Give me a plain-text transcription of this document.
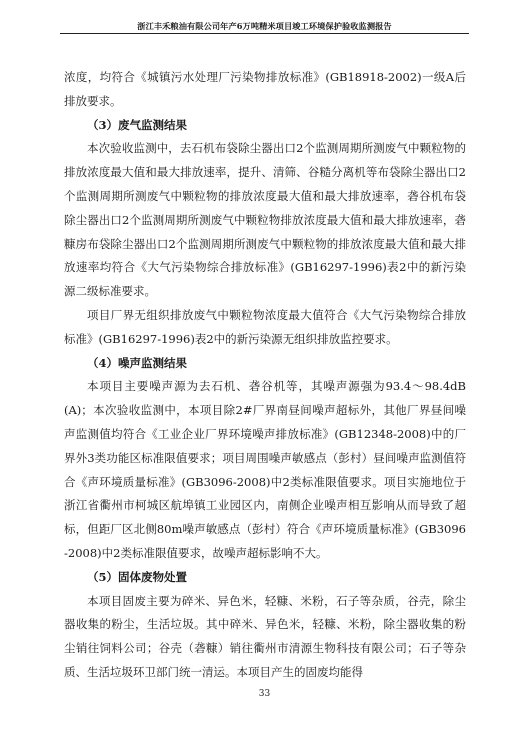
浙江丰禾粮油有限公司年产6万吨精米项目竣工环境保护验收监测报告

浓度，均符合《城镇污水处理厂污染物排放标准》(GB18918-2002)一级A后排放要求。

（3）废气监测结果

本次验收监测中，去石机布袋除尘器出口2个监测周期所测废气中颗粒物的排放浓度最大值和最大排放速率，提升、清筛、谷糙分离机等布袋除尘器出口2个监测周期所测废气中颗粒物的排放浓度最大值和最大排放速率，砻谷机布袋除尘器出口2个监测周期所测废气中颗粒物排放浓度最大值和最大排放速率，砻糠房布袋除尘器出口2个监测周期所测废气中颗粒物的排放浓度最大值和最大排放速率均符合《大气污染物综合排放标准》(GB16297-1996)表2中的新污染源二级标准要求。

项目厂界无组织排放废气中颗粒物浓度最大值符合《大气污染物综合排放标准》(GB16297-1996)表2中的新污染源无组织排放监控要求。

（4）噪声监测结果

本项目主要噪声源为去石机、砻谷机等，其噪声源强为93.4～98.4dB(A)；本次验收监测中，本项目除2#厂界南昼间噪声超标外，其他厂界昼间噪声监测值均符合《工业企业厂界环境噪声排放标准》(GB12348-2008)中的厂界外3类功能区标准限值要求；项目周围噪声敏感点（彭村）昼间噪声监测值符合《声环境质量标准》(GB3096-2008)中2类标准限值要求。项目实施地位于浙江省衢州市柯城区航埠镇工业园区内，南侧企业噪声相互影响从而导致了超标，但距厂区北侧80m噪声敏感点（彭村）符合《声环境质量标准》(GB3096-2008)中2类标准限值要求，故噪声超标影响不大。

（5）固体废物处置

本项目固废主要为碎米、异色米，轻糠、米粉，石子等杂质，谷壳，除尘器收集的粉尘，生活垃圾。其中碎米、异色米，轻糠、米粉，除尘器收集的粉尘销往饲料公司；谷壳（砻糠）销往衢州市清源生物科技有限公司；石子等杂质、生活垃圾环卫部门统一清运。本项目产生的固废均能得

33
